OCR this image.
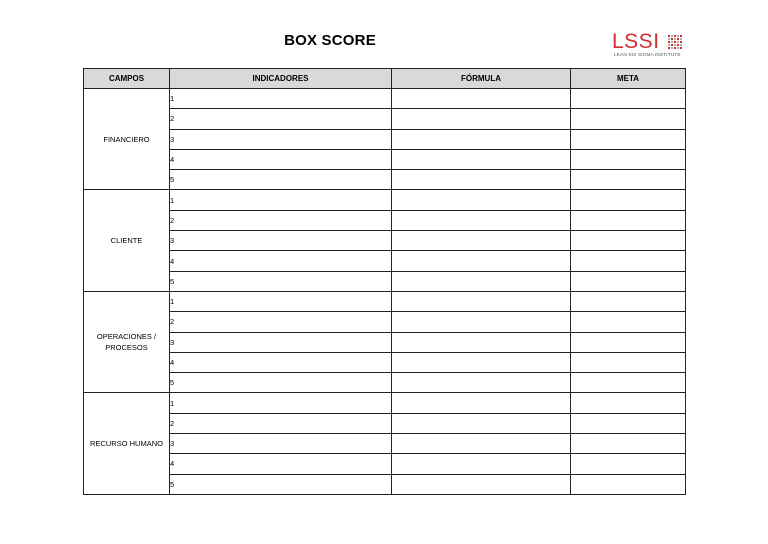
BOX SCORE	LSSI
LEAN SIX SIGMA INSTITUTE
CAMPOS	INDICADORES	FÓRMULA	META
FINANCIERO	1		
	2		
	3		
	4		
	5		
CLIENTE	1		
	2		
	3		
	4		
	5		
OPERACIONES / PROCESOS	1		
	2		
	3		
	4		
	5		
RECURSO HUMANO	1		
	2		
	3		
	4		
	5		
